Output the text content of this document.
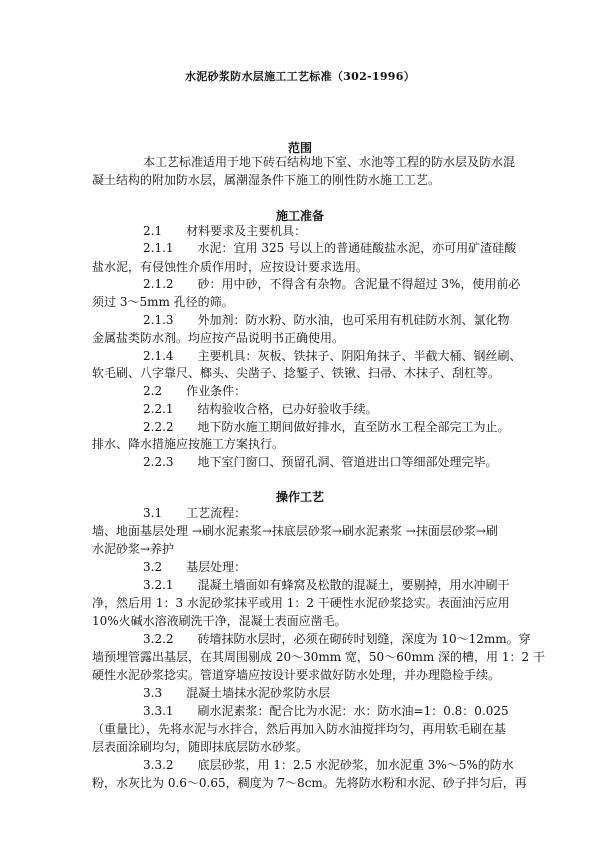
水泥砂浆防水层施工工艺标准（302-1996）
范围
本工艺标准适用于地下砖石结构地下室、水池等工程的防水层及防水混
凝土结构的附加防水层，属潮湿条件下施工的刚性防水施工工艺。
施工准备
2.1　　材料要求及主要机具：
2.1.1　　水泥：宜用 325 号以上的普通硅酸盐水泥，亦可用矿渣硅酸
盐水泥，有侵蚀性介质作用时，应按设计要求选用。
2.1.2　　砂：用中砂，不得含有杂物。含泥量不得超过 3%，使用前必
须过 3～5mm 孔径的筛。
2.1.3　　外加剂：防水粉、防水油，也可采用有机硅防水剂、氯化物
金属盐类防水剂。均应按产品说明书正确使用。
2.1.4　　主要机具：灰板、铁抹子、阴阳角抹子、半截大桶、钢丝刷、
软毛刷、八字靠尺、榔头、尖凿子、捻錾子、铁锹、扫帚、木抹子、刮杠等。
2.2　　作业条件：
2.2.1　　结构验收合格，已办好验收手续。
2.2.2　　地下防水施工期间做好排水，直至防水工程全部完工为止。
排水、降水措施应按施工方案执行。
2.2.3　　地下室门窗口、预留孔洞、管道进出口等细部处理完毕。
操作工艺
3.1　　工艺流程：
墙、地面基层处理 →刷水泥素浆→抹底层砂浆→刷水泥素浆 →抹面层砂浆→刷
水泥砂浆→养护
3.2　　基层处理：
3.2.1　　混凝土墙面如有蜂窝及松散的混凝土，要剔掉，用水冲刷干
净，然后用 1：3 水泥砂浆抹平或用 1：2 干硬性水泥砂浆捻实。表面油污应用
10%火碱水溶液刷洗干净，混凝土表面应凿毛。
3.2.2　　砖墙抹防水层时，必须在砌砖时划缝，深度为 10～12mm。穿
墙预埋管露出基层，在其周围剔成 20～30mm 宽，50～60mm 深的槽，用 1：2 干
硬性水泥砂浆捻实。管道穿墙应按设计要求做好防水处理，并办理隐检手续。
3.3　　混凝土墙抹水泥砂浆防水层
3.3.1　　刷水泥素浆：配合比为水泥：水：防水油=1：0.8：0.025
（重量比），先将水泥与水拌合，然后再加入防水油搅拌均匀，再用软毛刷在基
层表面涂刷均匀，随即抹底层防水砂浆。
3.3.2　　底层砂浆，用 1：2.5 水泥砂浆，加水泥重 3%～5%的防水
粉，水灰比为 0.6～0.65，稠度为 7～8cm。先将防水粉和水泥、砂子拌匀后，再
